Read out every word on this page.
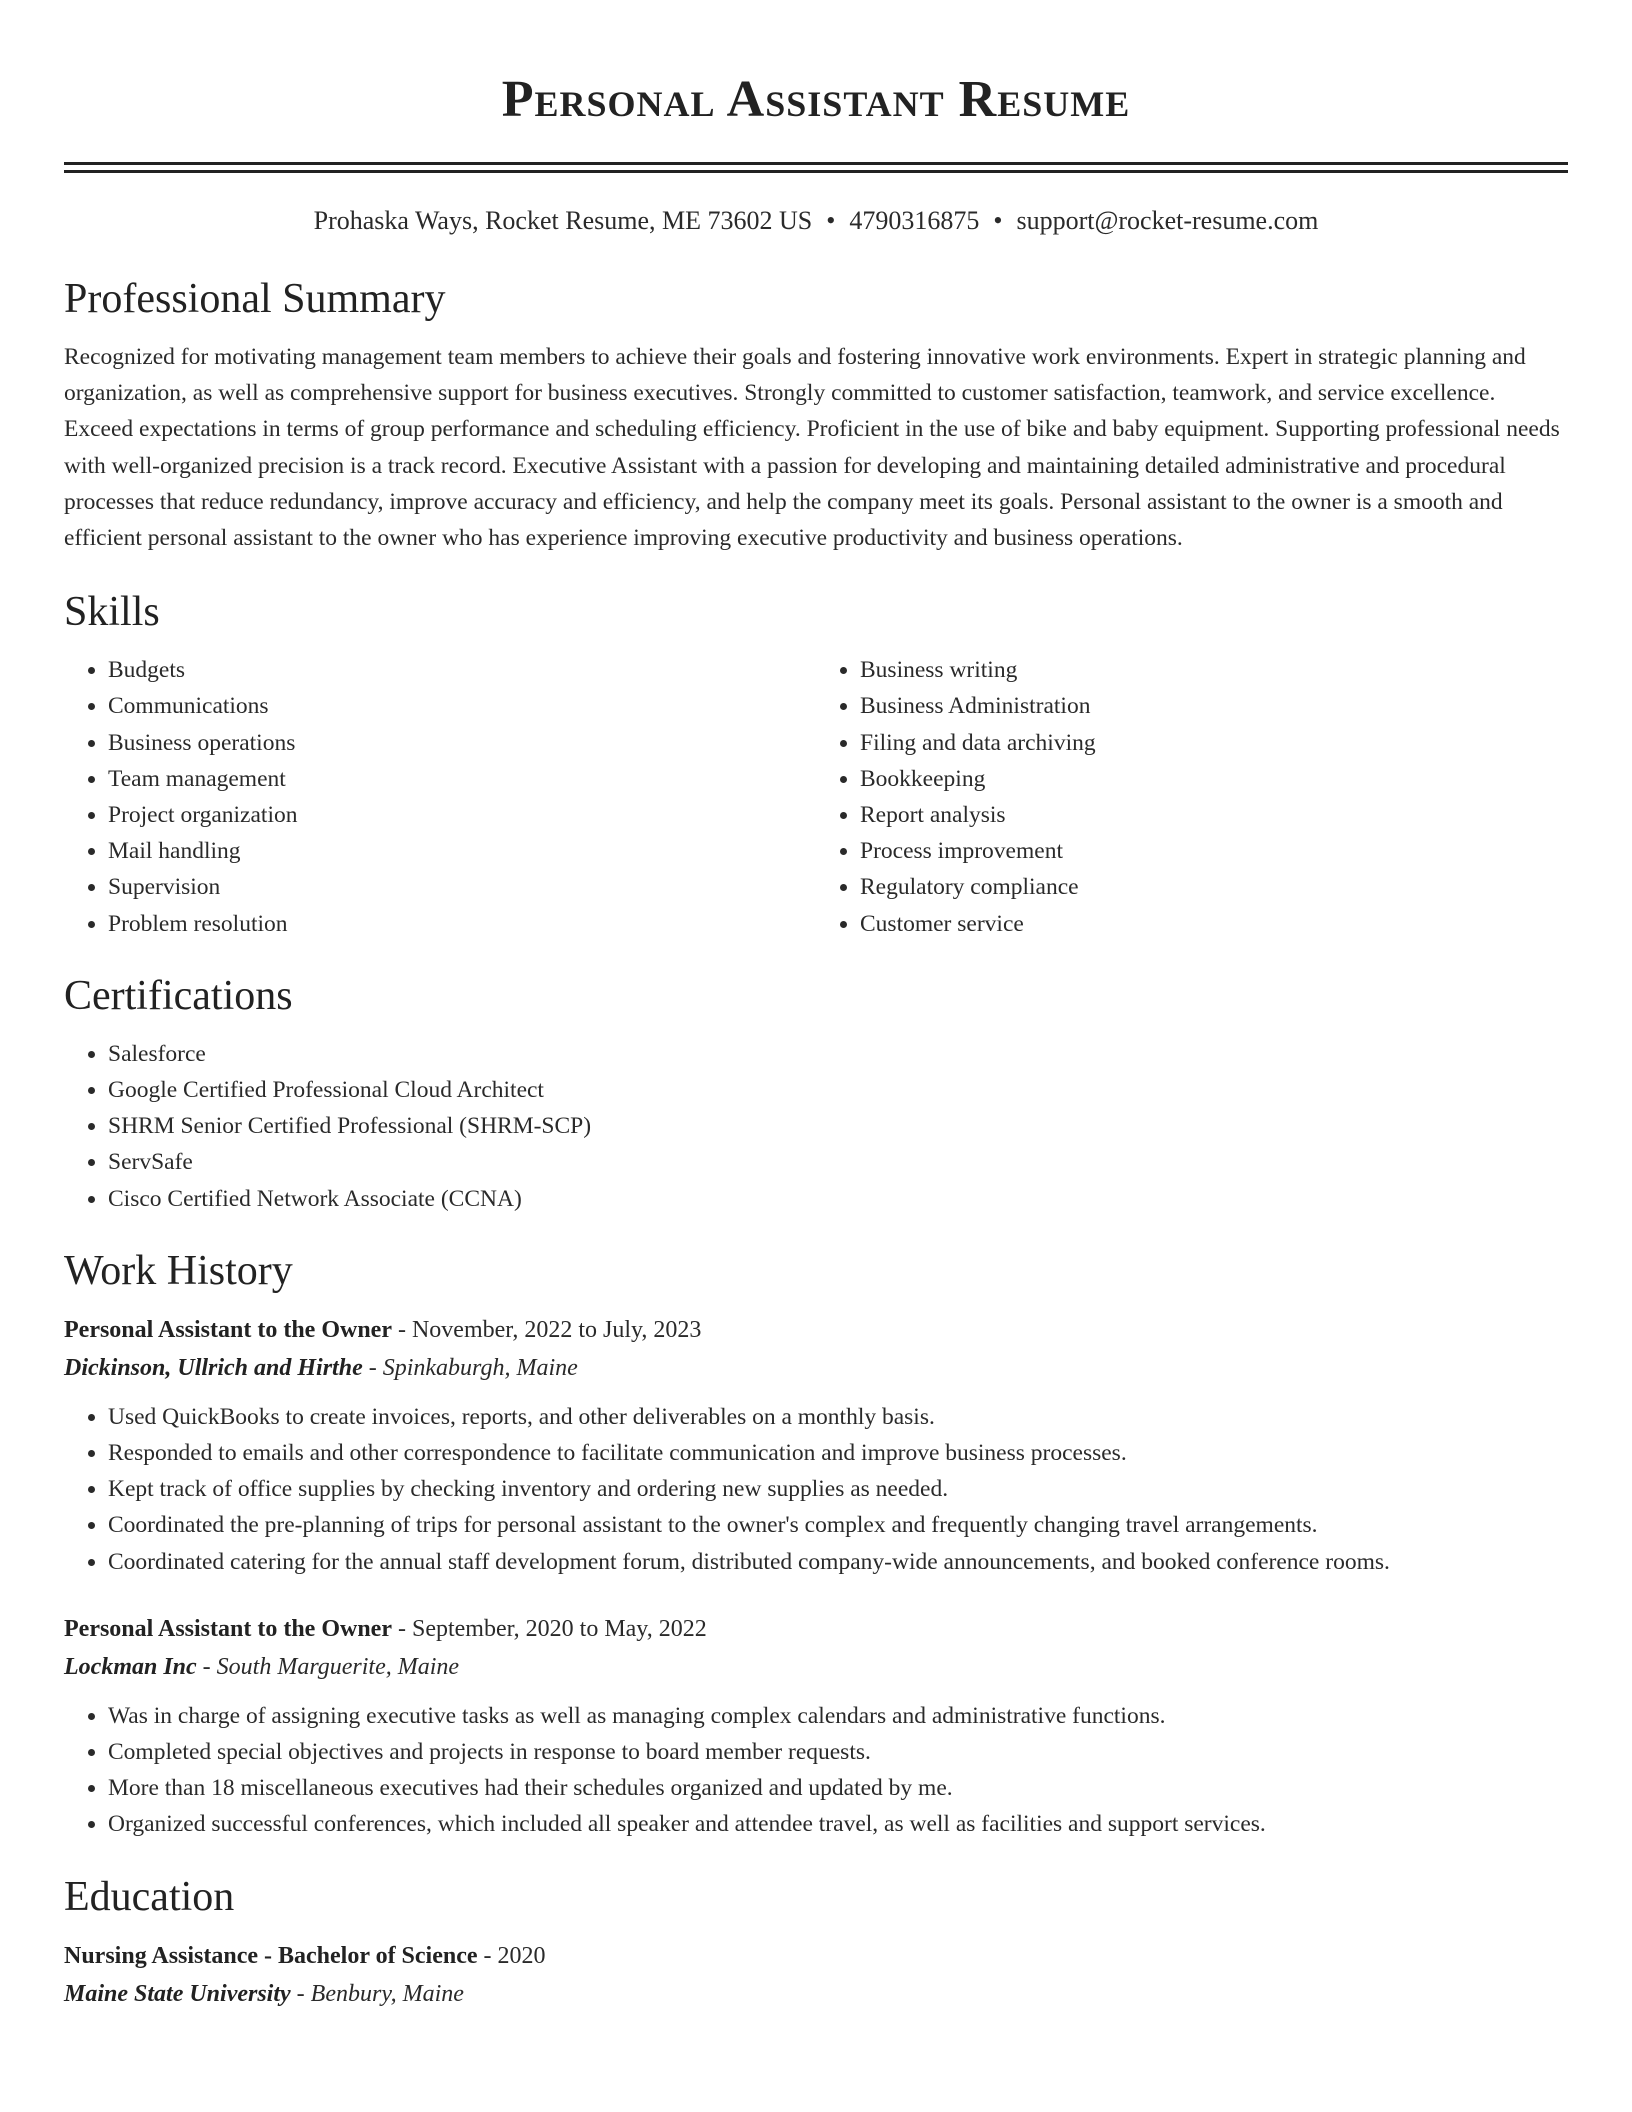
Personal Assistant Resume
Prohaska Ways, Rocket Resume, ME 73602 US • 4790316875 • support@rocket-resume.com
Professional Summary

Recognized for motivating management team members to achieve their goals and fostering innovative work environments. Expert in strategic planning and organization, as well as comprehensive support for business executives. Strongly committed to customer satisfaction, teamwork, and service excellence. Exceed expectations in terms of group performance and scheduling efficiency. Proficient in the use of bike and baby equipment. Supporting professional needs with well-organized precision is a track record. Executive Assistant with a passion for developing and maintaining detailed administrative and procedural processes that reduce redundancy, improve accuracy and efficiency, and help the company meet its goals. Personal assistant to the owner is a smooth and efficient personal assistant to the owner who has experience improving executive productivity and business operations.

Skills
• Budgets
• Communications
• Business operations
• Team management
• Project organization
• Mail handling
• Supervision
• Problem resolution
• Business writing
• Business Administration
• Filing and data archiving
• Bookkeeping
• Report analysis
• Process improvement
• Regulatory compliance
• Customer service
Certifications
• Salesforce
• Google Certified Professional Cloud Architect
• SHRM Senior Certified Professional (SHRM-SCP)
• ServSafe
• Cisco Certified Network Associate (CCNA)
Work History
Personal Assistant to the Owner - November, 2022 to July, 2023
Dickinson, Ullrich and Hirthe - Spinkaburgh, Maine
• Used QuickBooks to create invoices, reports, and other deliverables on a monthly basis.
• Responded to emails and other correspondence to facilitate communication and improve business processes.
• Kept track of office supplies by checking inventory and ordering new supplies as needed.
• Coordinated the pre-planning of trips for personal assistant to the owner's complex and frequently changing travel arrangements.
• Coordinated catering for the annual staff development forum, distributed company-wide announcements, and booked conference rooms.
Personal Assistant to the Owner - September, 2020 to May, 2022
Lockman Inc - South Marguerite, Maine
• Was in charge of assigning executive tasks as well as managing complex calendars and administrative functions.
• Completed special objectives and projects in response to board member requests.
• More than 18 miscellaneous executives had their schedules organized and updated by me.
• Organized successful conferences, which included all speaker and attendee travel, as well as facilities and support services.
Education
Nursing Assistance - Bachelor of Science - 2020
Maine State University - Benbury, Maine
